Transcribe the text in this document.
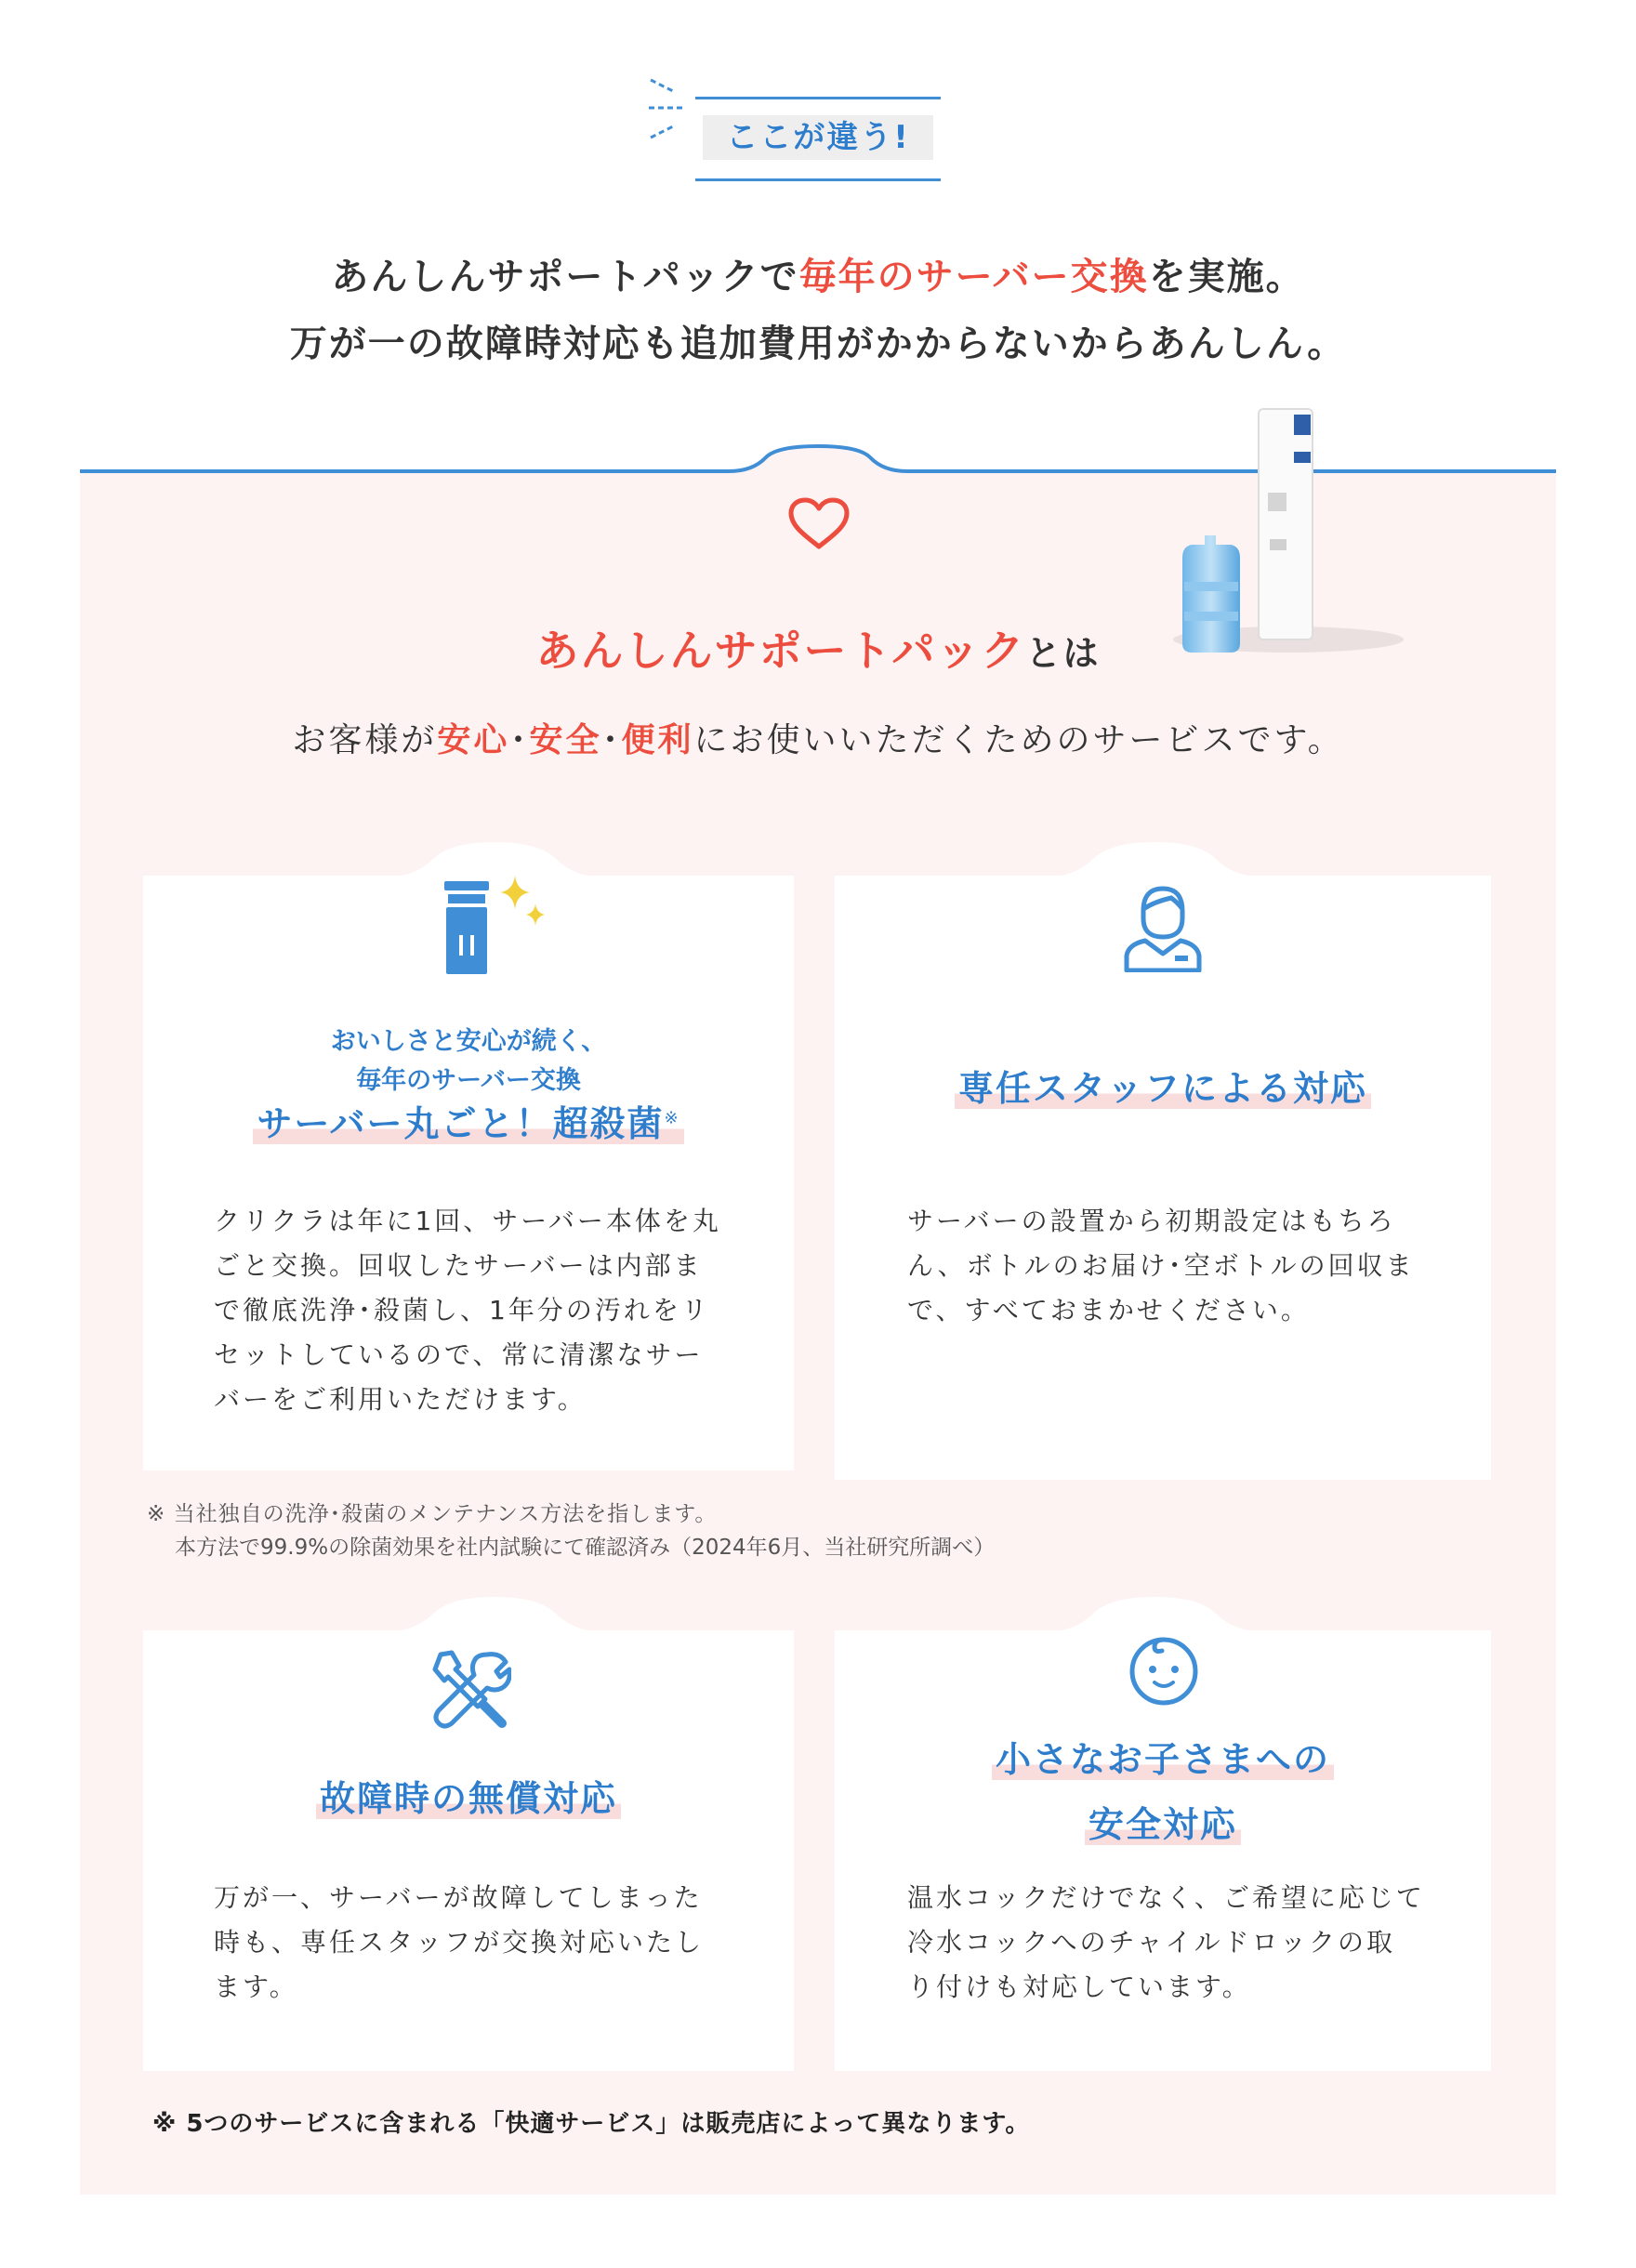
ここが違う!
あんしんサポートパックで毎年のサーバー交換を実施。
万が一の故障時対応も追加費用がかからないからあんしん。
あんしんサポートパックとは
お客様が安心･安全･便利にお使いいただくためのサービスです。
おいしさと安心が続く、
毎年のサーバー交換
サーバー丸ごと！超殺菌※
クリクラは年に1回、サーバー本体を丸
ごと交換。回収したサーバーは内部ま
で徹底洗浄･殺菌し、1年分の汚れをリ
セットしているので、常に清潔なサー
バーをご利用いただけます。
専任スタッフによる対応
サーバーの設置から初期設定はもちろ
ん、ボトルのお届け･空ボトルの回収ま
で、すべておまかせください。
※ 当社独自の洗浄･殺菌のメンテナンス方法を指します。
本方法で99.9%の除菌効果を社内試験にて確認済み（2024年6月、当社研究所調べ）
故障時の無償対応
万が一、サーバーが故障してしまった
時も、専任スタッフが交換対応いたし
ます。
小さなお子さまへの
安全対応
温水コックだけでなく、ご希望に応じて
冷水コックへのチャイルドロックの取
り付けも対応しています。
※ 5つのサービスに含まれる「快適サービス」は販売店によって異なります。
